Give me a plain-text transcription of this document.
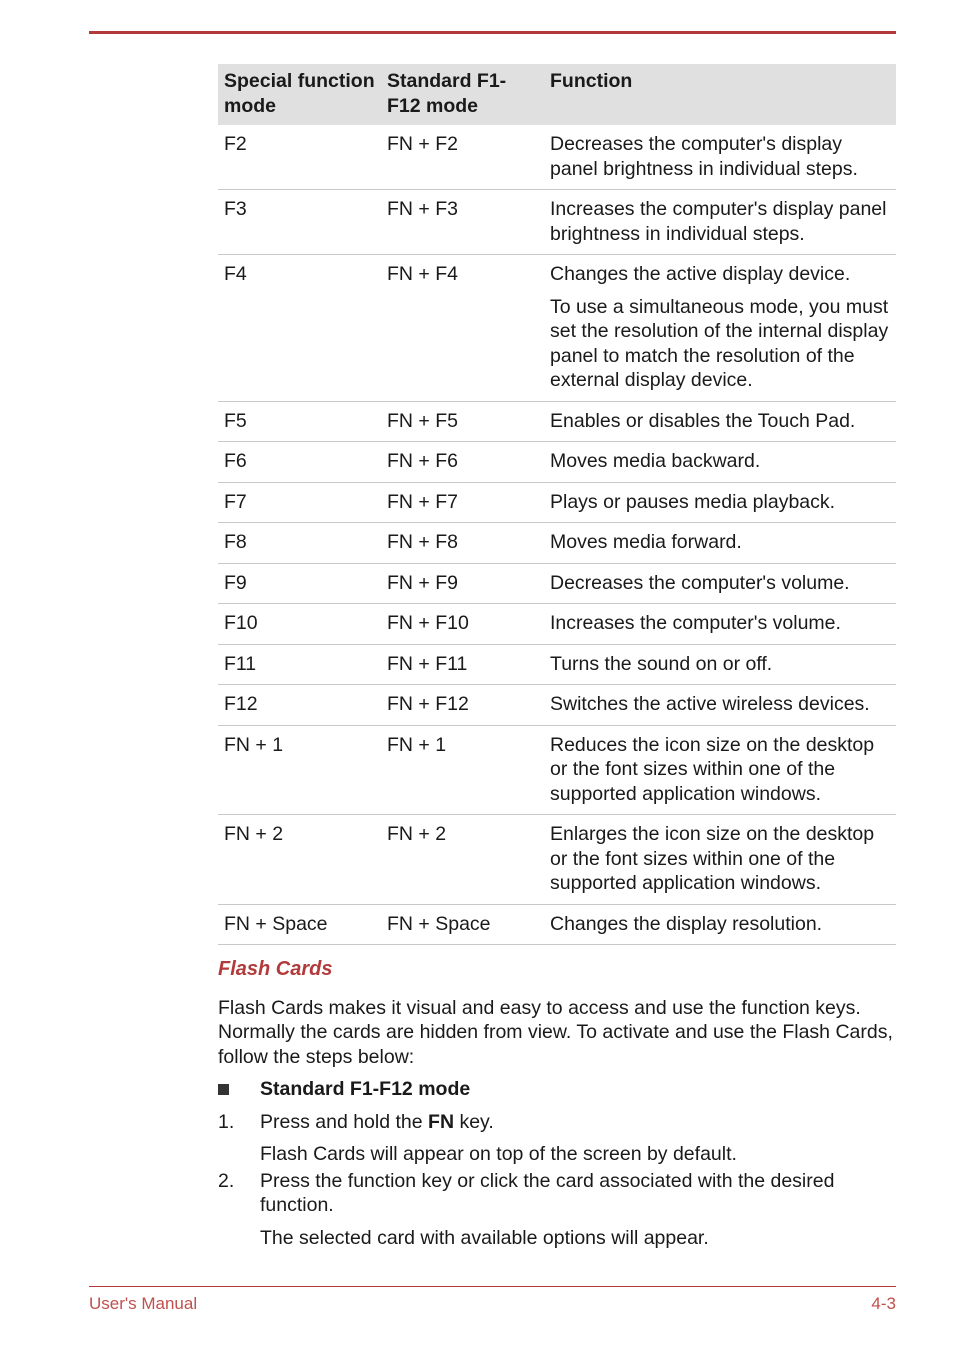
Special function mode	Standard F1-F12 mode	Function
F2	FN + F2	Decreases the computer's display panel brightness in individual steps.

F3	FN + F3	Increases the computer's display panel brightness in individual steps.

F4	FN + F4	Changes the active display device.

To use a simultaneous mode, you must set the resolution of the internal display panel to match the resolution of the external display device.

F5	FN + F5	Enables or disables the Touch Pad.

F6	FN + F6	Moves media backward.

F7	FN + F7	Plays or pauses media playback.

F8	FN + F8	Moves media forward.

F9	FN + F9	Decreases the computer's volume.

F10	FN + F10	Increases the computer's volume.

F11	FN + F11	Turns the sound on or off.

F12	FN + F12	Switches the active wireless devices.

FN + 1	FN + 1	Reduces the icon size on the desktop or the font sizes within one of the supported application windows.

FN + 2	FN + 2	Enlarges the icon size on the desktop or the font sizes within one of the supported application windows.

FN + Space	FN + Space	Changes the display resolution.

Flash Cards

Flash Cards makes it visual and easy to access and use the function keys. Normally the cards are hidden from view. To activate and use the Flash Cards, follow the steps below:

Standard F1-F12 mode
1. Press and hold the FN key.
Flash Cards will appear on top of the screen by default.
2. Press the function key or click the card associated with the desired function.
The selected card with available options will appear.
User's Manual	4-3
